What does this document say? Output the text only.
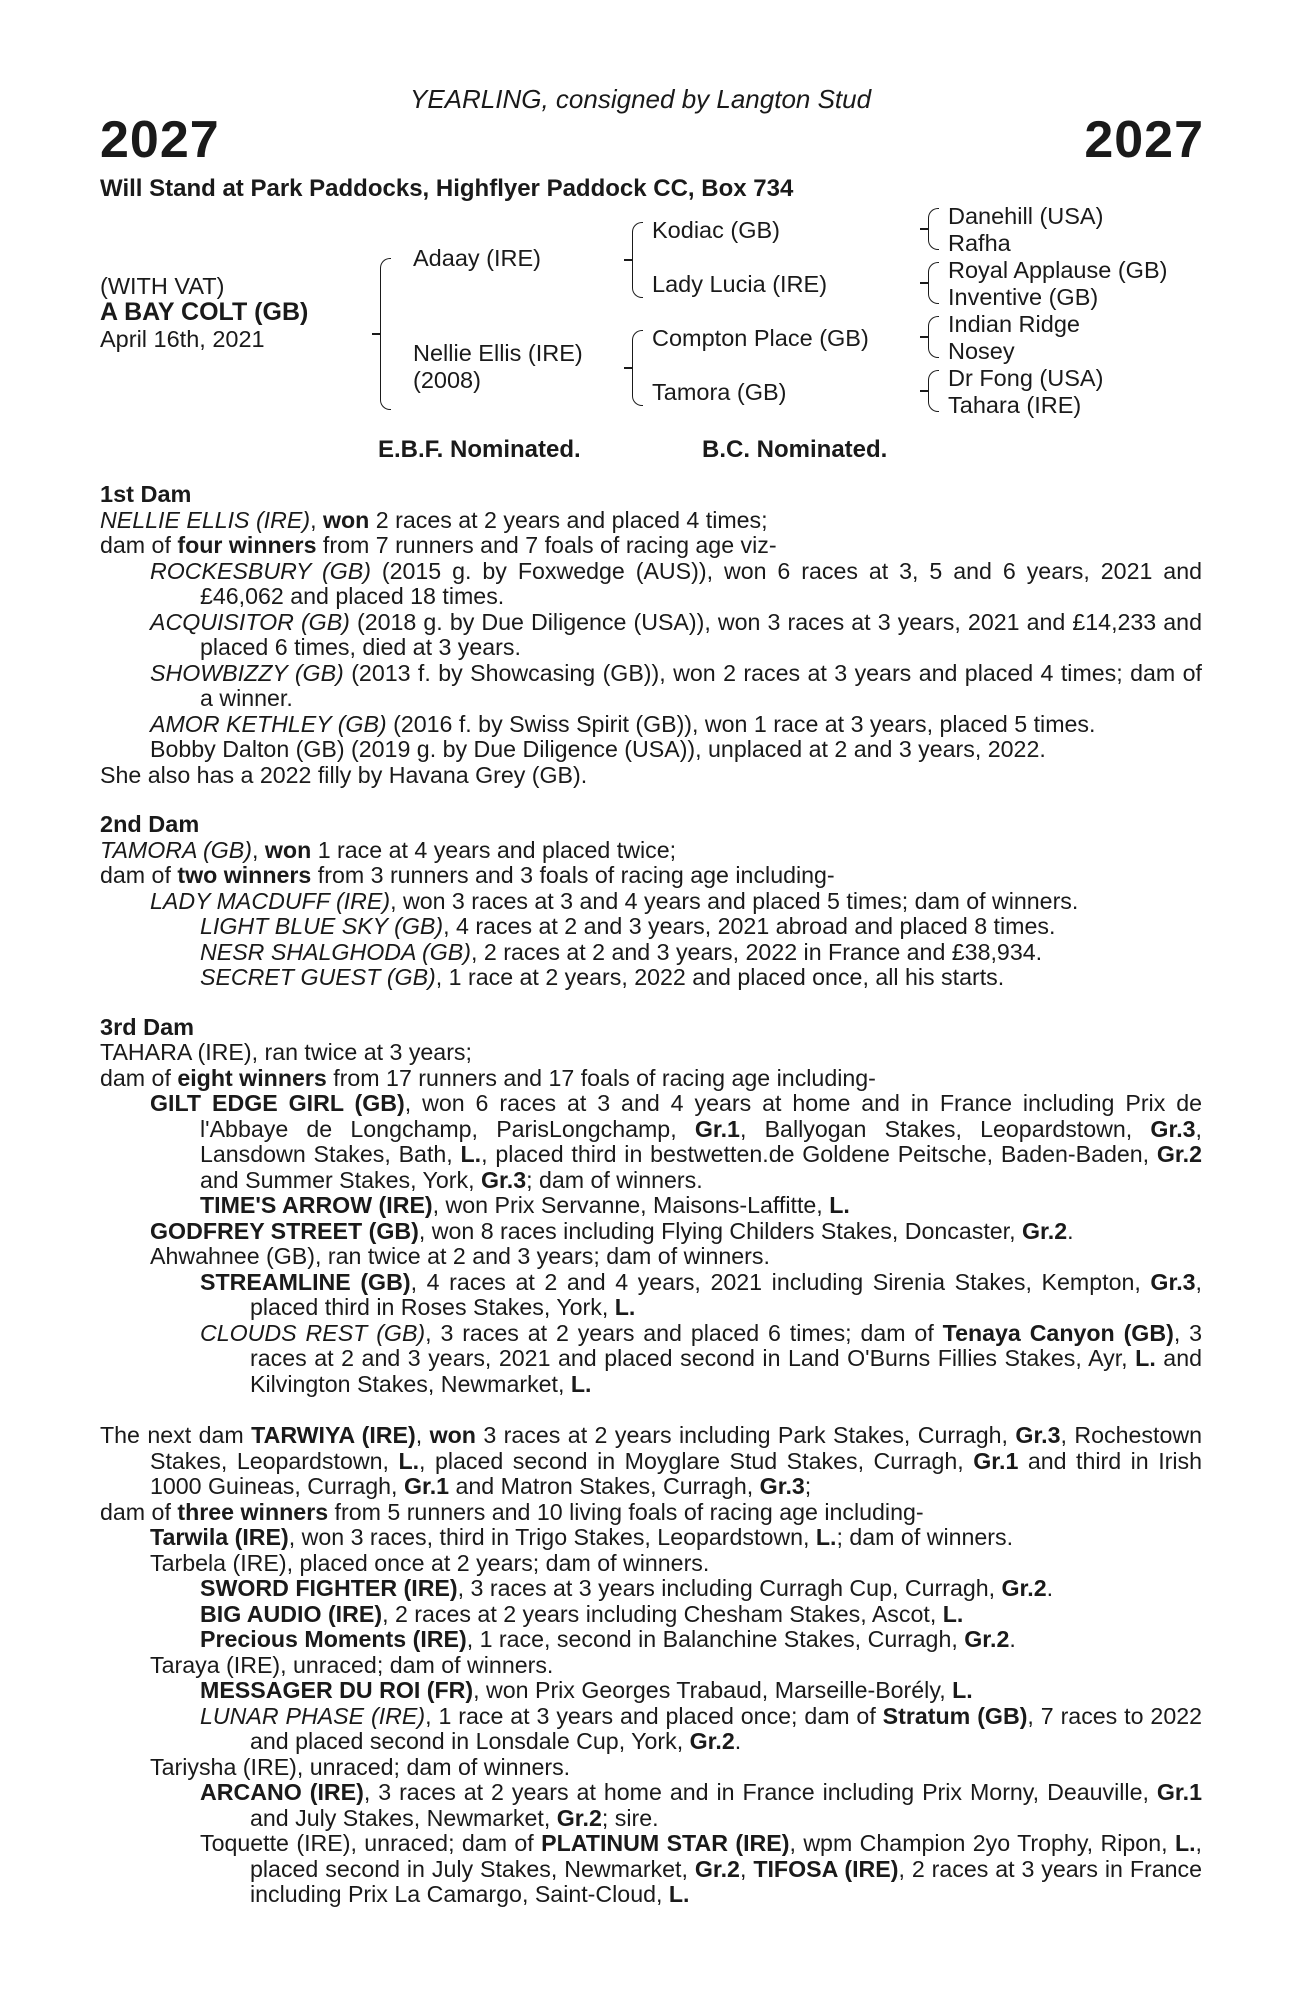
YEARLING, consigned by Langton Stud
2027	2027
Will Stand at Park Paddocks, Highflyer Paddock CC, Box 734
(WITH VAT)
A BAY COLT (GB)
April 16th, 2021
Adaay (IRE)
Nellie Ellis (IRE)
(2008)
Kodiac (GB)
Lady Lucia (IRE)
Compton Place (GB)
Tamora (GB)
Danehill (USA)
Rafha
Royal Applause (GB)
Inventive (GB)
Indian Ridge
Nosey
Dr Fong (USA)
Tahara (IRE)
E.B.F. Nominated.	B.C. Nominated.

1st Dam

NELLIE ELLIS (IRE), won 2 races at 2 years and placed 4 times;

dam of four winners from 7 runners and 7 foals of racing age viz-

ROCKESBURY (GB) (2015 g. by Foxwedge (AUS)), won 6 races at 3, 5 and 6 years, 2021 and £46,062 and placed 18 times.

ACQUISITOR (GB) (2018 g. by Due Diligence (USA)), won 3 races at 3 years, 2021 and £14,233 and placed 6 times, died at 3 years.

SHOWBIZZY (GB) (2013 f. by Showcasing (GB)), won 2 races at 3 years and placed 4 times; dam of a winner.

AMOR KETHLEY (GB) (2016 f. by Swiss Spirit (GB)), won 1 race at 3 years, placed 5 times.

Bobby Dalton (GB) (2019 g. by Due Diligence (USA)), unplaced at 2 and 3 years, 2022.

She also has a 2022 filly by Havana Grey (GB).

2nd Dam

TAMORA (GB), won 1 race at 4 years and placed twice;

dam of two winners from 3 runners and 3 foals of racing age including-

LADY MACDUFF (IRE), won 3 races at 3 and 4 years and placed 5 times; dam of winners.

LIGHT BLUE SKY (GB), 4 races at 2 and 3 years, 2021 abroad and placed 8 times.

NESR SHALGHODA (GB), 2 races at 2 and 3 years, 2022 in France and £38,934.

SECRET GUEST (GB), 1 race at 2 years, 2022 and placed once, all his starts.

3rd Dam

TAHARA (IRE), ran twice at 3 years;

dam of eight winners from 17 runners and 17 foals of racing age including-

GILT EDGE GIRL (GB), won 6 races at 3 and 4 years at home and in France including Prix de l'Abbaye de Longchamp, ParisLongchamp, Gr.1, Ballyogan Stakes, Leopardstown, Gr.3, Lansdown Stakes, Bath, L., placed third in bestwetten.de Goldene Peitsche, Baden-Baden, Gr.2 and Summer Stakes, York, Gr.3; dam of winners.

TIME'S ARROW (IRE), won Prix Servanne, Maisons-Laffitte, L.

GODFREY STREET (GB), won 8 races including Flying Childers Stakes, Doncaster, Gr.2.

Ahwahnee (GB), ran twice at 2 and 3 years; dam of winners.

STREAMLINE (GB), 4 races at 2 and 4 years, 2021 including Sirenia Stakes, Kempton, Gr.3, placed third in Roses Stakes, York, L.

CLOUDS REST (GB), 3 races at 2 years and placed 6 times; dam of Tenaya Canyon (GB), 3 races at 2 and 3 years, 2021 and placed second in Land O'Burns Fillies Stakes, Ayr, L. and Kilvington Stakes, Newmarket, L.

The next dam TARWIYA (IRE), won 3 races at 2 years including Park Stakes, Curragh, Gr.3, Rochestown Stakes, Leopardstown, L., placed second in Moyglare Stud Stakes, Curragh, Gr.1 and third in Irish 1000 Guineas, Curragh, Gr.1 and Matron Stakes, Curragh, Gr.3;

dam of three winners from 5 runners and 10 living foals of racing age including-

Tarwila (IRE), won 3 races, third in Trigo Stakes, Leopardstown, L.; dam of winners.

Tarbela (IRE), placed once at 2 years; dam of winners.

SWORD FIGHTER (IRE), 3 races at 3 years including Curragh Cup, Curragh, Gr.2.

BIG AUDIO (IRE), 2 races at 2 years including Chesham Stakes, Ascot, L.

Precious Moments (IRE), 1 race, second in Balanchine Stakes, Curragh, Gr.2.

Taraya (IRE), unraced; dam of winners.

MESSAGER DU ROI (FR), won Prix Georges Trabaud, Marseille-Borély, L.

LUNAR PHASE (IRE), 1 race at 3 years and placed once; dam of Stratum (GB), 7 races to 2022 and placed second in Lonsdale Cup, York, Gr.2.

Tariysha (IRE), unraced; dam of winners.

ARCANO (IRE), 3 races at 2 years at home and in France including Prix Morny, Deauville, Gr.1 and July Stakes, Newmarket, Gr.2; sire.

Toquette (IRE), unraced; dam of PLATINUM STAR (IRE), wpm Champion 2yo Trophy, Ripon, L., placed second in July Stakes, Newmarket, Gr.2, TIFOSA (IRE), 2 races at 3 years in France including Prix La Camargo, Saint-Cloud, L.
